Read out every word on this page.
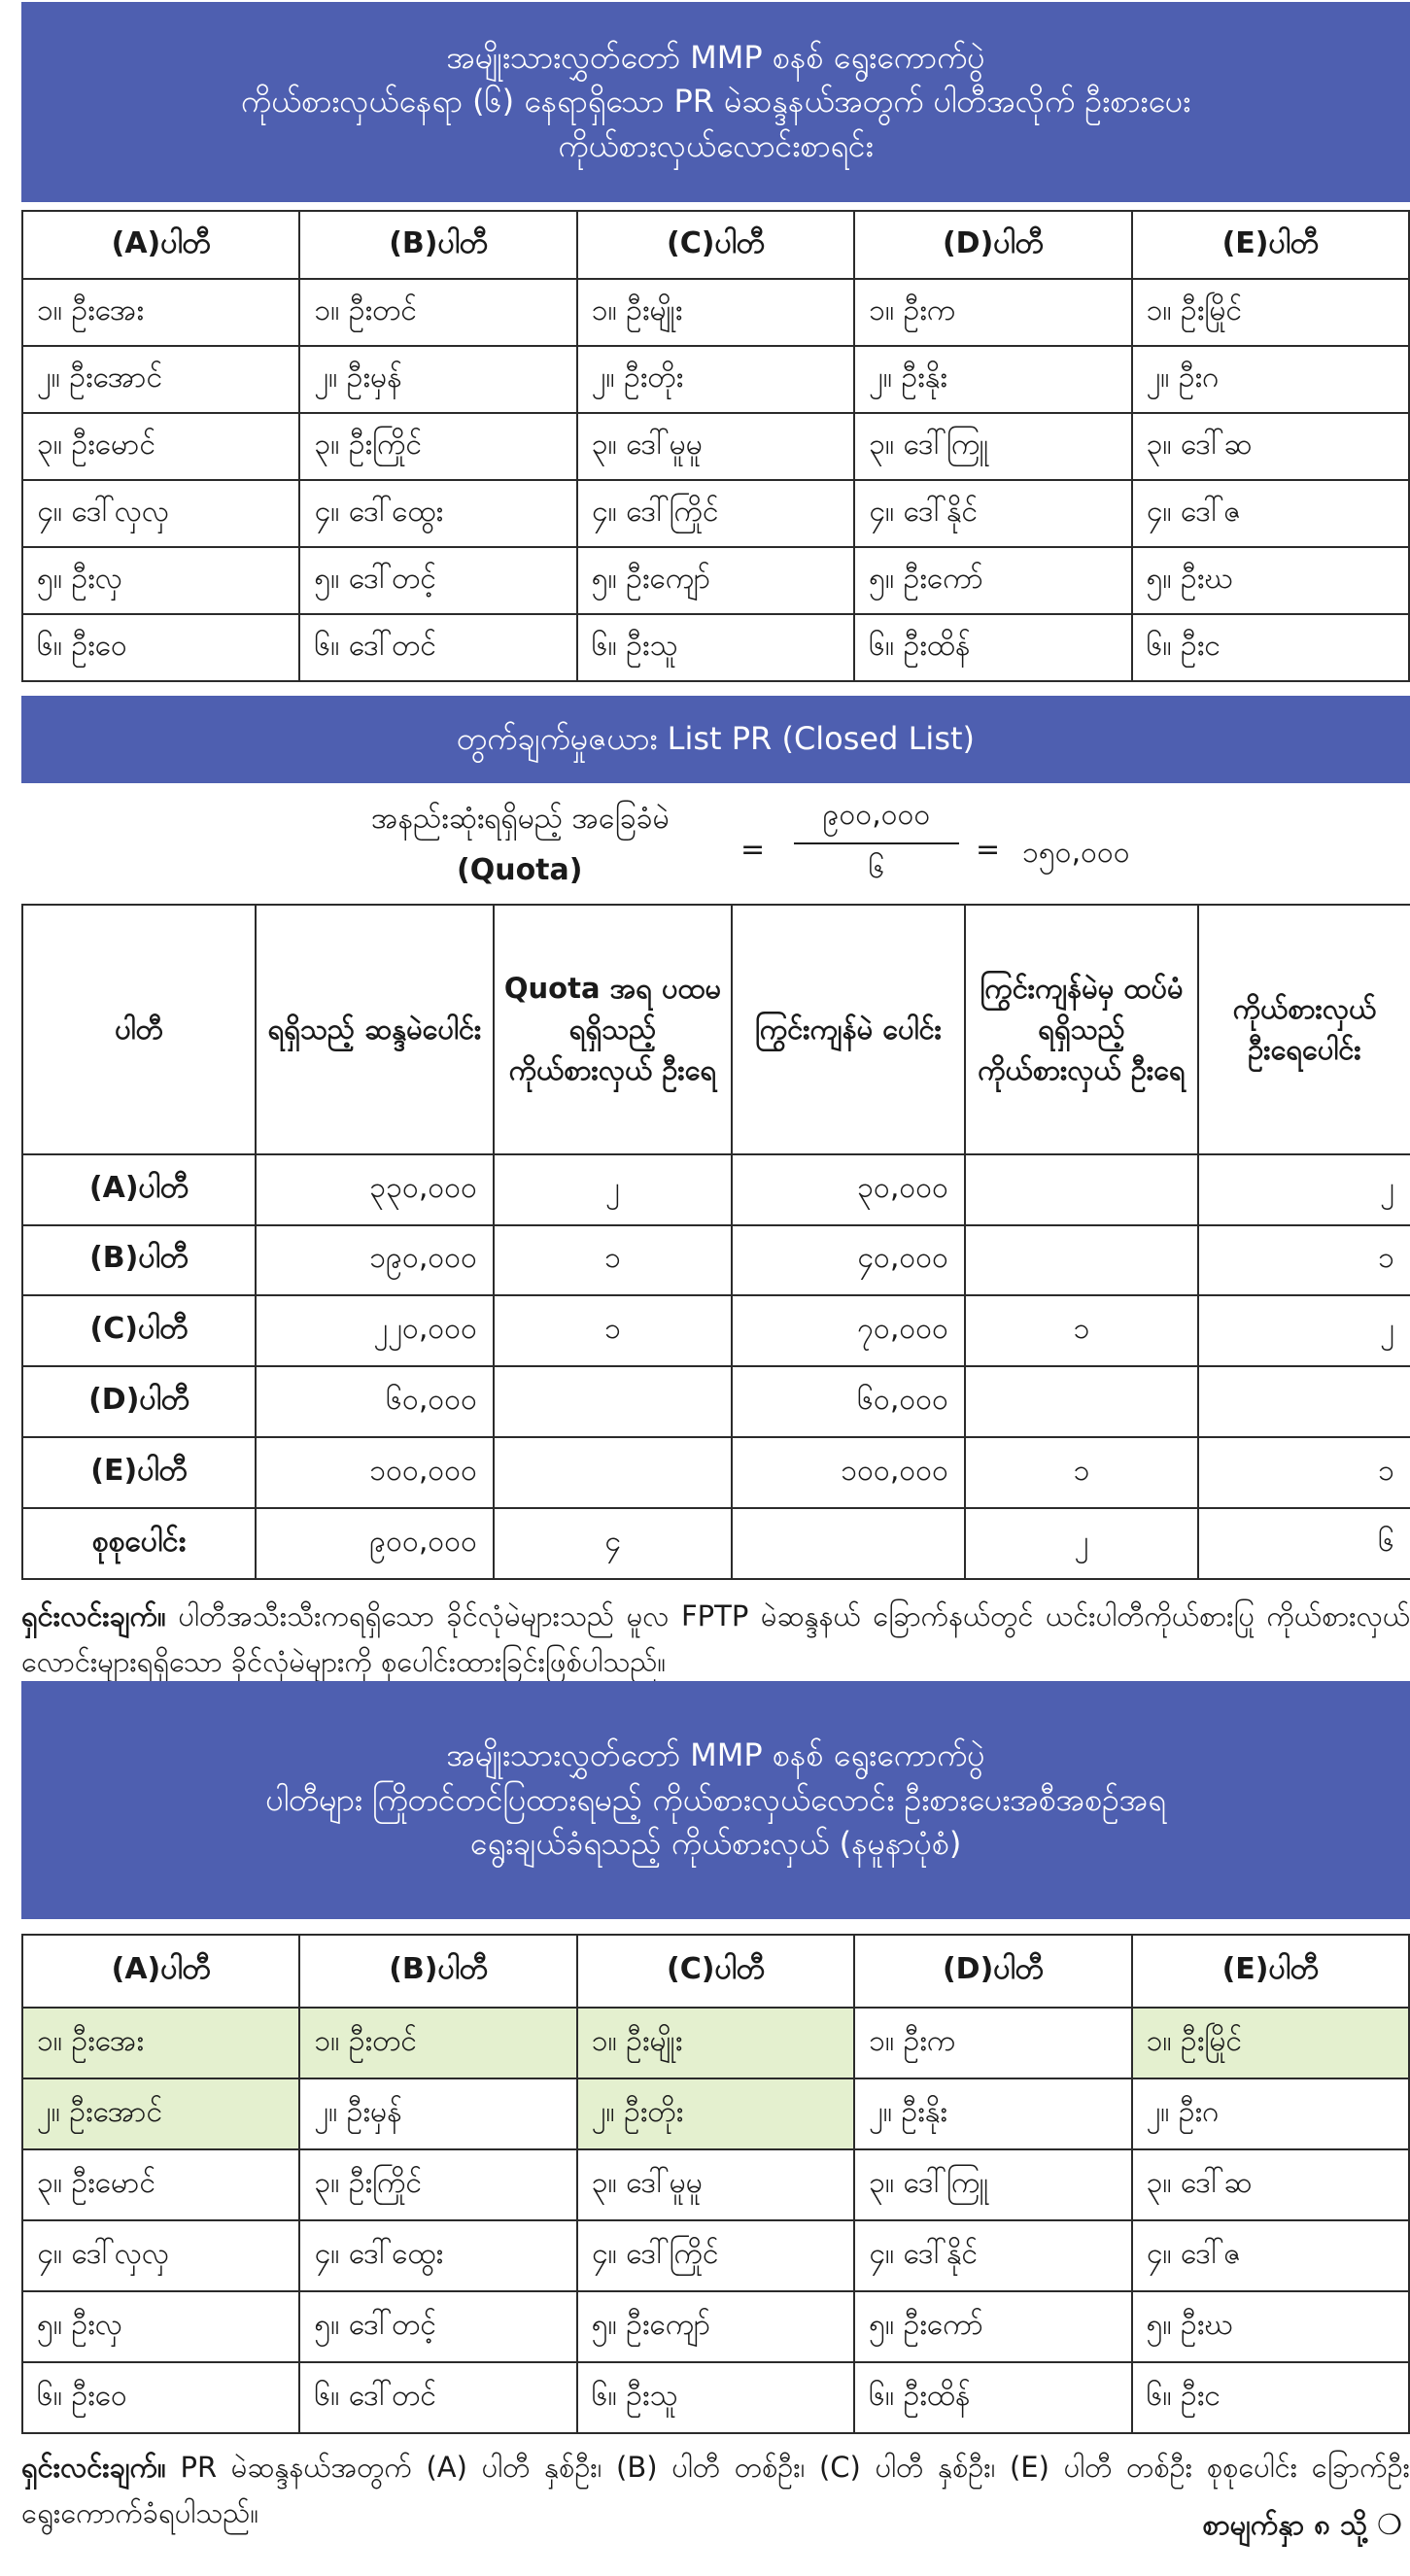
အမျိုးသားလွှတ်တော် MMP စနစ် ရွေးကောက်ပွဲ
ကိုယ်စားလှယ်နေရာ (၆) နေရာရှိသော PR မဲဆန္ဒနယ်အတွက် ပါတီအလိုက် ဦးစားပေး
ကိုယ်စားလှယ်လောင်းစာရင်း
(A)ပါတီ	(B)ပါတီ	(C)ပါတီ	(D)ပါတီ	(E)ပါတီ
၁။ ဦးအေး	၁။ ဦးတင်	၁။ ဦးမျိုး	၁။ ဦးက	၁။ ဦးမြိုင်
၂။ ဦးအောင်	၂။ ဦးမှန်	၂။ ဦးတိုး	၂။ ဦးနိုး	၂။ ဦးဂ
၃။ ဦးမောင်	၃။ ဦးကြိုင်	၃။ ဒေါ်မူမူ	၃။ ဒေါ်ကြူ	၃။ ဒေါ်ဆ
၄။ ဒေါ်လှလှ	၄။ ဒေါ်ထွေး	၄။ ဒေါ်ကြိုင်	၄။ ဒေါ်နိုင်	၄။ ဒေါ်ဇ
၅။ ဦးလှ	၅။ ဒေါ်တင့်	၅။ ဦးကျော်	၅။ ဦးကော်	၅။ ဦးဃ
၆။ ဦးဝေ	၆။ ဒေါ်တင်	၆။ ဦးသူ	၆။ ဦးထိန်	၆။ ဦးင
တွက်ချက်မှုဇယား List PR (Closed List)
အနည်းဆုံးရရှိမည့် အခြေခံမဲ
(Quota)
=
၉၀၀,၀၀၀
၆
= ၁၅၀,၀၀၀
ပါတီ	ရရှိသည့် ဆန္ဒမဲပေါင်း	Quota အရ ပထမရရှိသည့် ကိုယ်စားလှယ် ဦးရေ	ကြွင်းကျန်မဲ ပေါင်း	ကြွင်းကျန်မဲမှ ထပ်မံရရှိသည့် ကိုယ်စားလှယ် ဦးရေ	ကိုယ်စားလှယ် ဦးရေပေါင်း
(A)ပါတီ	၃၃၀,၀၀၀	၂	၃၀,၀၀၀		၂
(B)ပါတီ	၁၉၀,၀၀၀	၁	၄၀,၀၀၀		၁
(C)ပါတီ	၂၂၀,၀၀၀	၁	၇၀,၀၀၀	၁	၂
(D)ပါတီ	၆၀,၀၀၀		၆၀,၀၀၀		
(E)ပါတီ	၁၀၀,၀၀၀		၁၀၀,၀၀၀	၁	၁
စုစုပေါင်း	၉၀၀,၀၀၀	၄		၂	၆
ရှင်းလင်းချက်။ ပါတီအသီးသီးကရရှိသော ခိုင်လုံမဲများသည် မူလ FPTP မဲဆန္ဒနယ် ခြောက်နယ်တွင် ယင်းပါတီကိုယ်စားပြု ကိုယ်စားလှယ်လောင်းများရရှိသော ခိုင်လုံမဲများကို စုပေါင်းထားခြင်းဖြစ်ပါသည်။
အမျိုးသားလွှတ်တော် MMP စနစ် ရွေးကောက်ပွဲ
ပါတီများ ကြိုတင်တင်ပြထားရမည့် ကိုယ်စားလှယ်လောင်း ဦးစားပေးအစီအစဉ်အရ
ရွေးချယ်ခံရသည့် ကိုယ်စားလှယ် (နမူနာပုံစံ)
(A)ပါတီ	(B)ပါတီ	(C)ပါတီ	(D)ပါတီ	(E)ပါတီ
၁။ ဦးအေး	၁။ ဦးတင်	၁။ ဦးမျိုး	၁။ ဦးက	၁။ ဦးမြိုင်
၂။ ဦးအောင်	၂။ ဦးမှန်	၂။ ဦးတိုး	၂။ ဦးနိုး	၂။ ဦးဂ
၃။ ဦးမောင်	၃။ ဦးကြိုင်	၃။ ဒေါ်မူမူ	၃။ ဒေါ်ကြူ	၃။ ဒေါ်ဆ
၄။ ဒေါ်လှလှ	၄။ ဒေါ်ထွေး	၄။ ဒေါ်ကြိုင်	၄။ ဒေါ်နိုင်	၄။ ဒေါ်ဇ
၅။ ဦးလှ	၅။ ဒေါ်တင့်	၅။ ဦးကျော်	၅။ ဦးကော်	၅။ ဦးဃ
၆။ ဦးဝေ	၆။ ဒေါ်တင်	၆။ ဦးသူ	၆။ ဦးထိန်	၆။ ဦးင
ရှင်းလင်းချက်။ PR မဲဆန္ဒနယ်အတွက် (A) ပါတီ နှစ်ဦး၊ (B) ပါတီ တစ်ဦး၊ (C) ပါတီ နှစ်ဦး၊ (E) ပါတီ တစ်ဦး စုစုပေါင်း ခြောက်ဦး ရွေးကောက်ခံရပါသည်။	စာမျက်နှာ ၈ သို့ ❍
